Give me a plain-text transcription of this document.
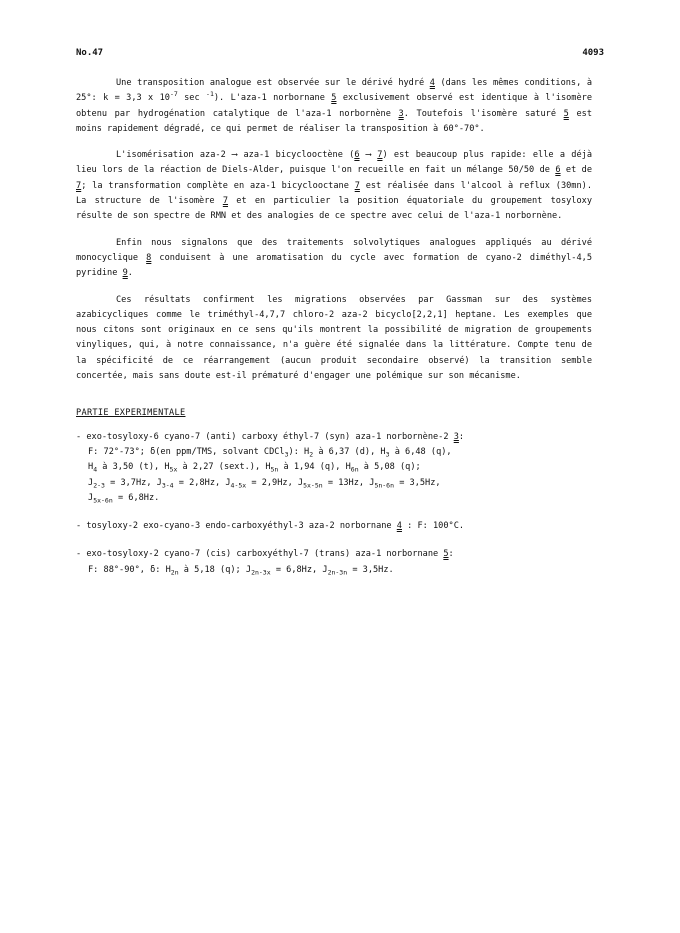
No.47	4093

Une transposition analogue est observée sur le dérivé hydré 4 (dans les mêmes conditions, à 25°: k = 3,3 x $10^{-7}$ sec $^{-1}$). L'aza-1 norbornane 5 exclusivement observé est identique à l'isomère obtenu par hydrogénation catalytique de l'aza-1 norbornène 3. Toutefois l'isomère saturé 5 est moins rapidement dégradé, ce qui permet de réaliser la transposition à 60°-70°.

L'isomérisation aza-2 ⟶ aza-1 bicyclooctène (6 ⟶ 7) est beaucoup plus rapide: elle a déjà lieu lors de la réaction de Diels-Alder, puisque l'on recueille en fait un mélange 50/50 de 6 et de 7; la transformation complète en aza-1 bicyclooctane 7 est réalisée dans l'alcool à reflux (30mn). La structure de l'isomère 7 et en particulier la position équatoriale du groupement tosyloxy résulte de son spectre de RMN et des analogies de ce spectre avec celui de l'aza-1 norbornène.

Enfin nous signalons que des traitements solvolytiques analogues appliqués au dérivé monocyclique 8 conduisent à une aromatisation du cycle avec formation de cyano-2 diméthyl-4,5 pyridine 9.

Ces résultats confirment les migrations observées par Gassman sur des systèmes azabicycliques comme le triméthyl-4,7,7 chloro-2 aza-2 bicyclo[2,2,1] heptane. Les exemples que nous citons sont originaux en ce sens qu'ils montrent la possibilité de migration de groupements vinyliques, qui, à notre connaissance, n'a guère été signalée dans la littérature. Compte tenu de la spécificité de ce réarrangement (aucun produit secondaire observé) la transition semble concertée, mais sans doute est-il prématuré d'engager une polémique sur son mécanisme.

PARTIE EXPERIMENTALE
- exo-tosyloxy-6 cyano-7 (anti) carboxy éthyl-7 (syn) aza-1 norbornène-2 3:
F: 72°-73°; δ(en ppm/TMS, solvant CDCl$_3$): $H_2$ à 6,37 (d), $H_3$ à 6,48 (q),
$H_4$ à 3,50 (t), $H_{5x}$ à 2,27 (sext.), $H_{5n}$ à 1,94 (q), $H_{6n}$ à 5,08 (q);
$J_{2-3} = 3,7Hz$, $J_{3-4} = 2,8Hz$, $J_{4-5x} = 2,9Hz$, $J_{5x-5n} = 13Hz$, $J_{5n-6n} = 3,5Hz$,
$J_{5x-6n} = 6,8Hz$.
- tosyloxy-2 exo-cyano-3 endo-carboxyéthyl-3 aza-2 norbornane 4 : F: 100°C.
- exo-tosyloxy-2 cyano-7 (cis) carboxyéthyl-7 (trans) aza-1 norbornane 5:
F: 88°-90°, δ: $H_{2n}$ à 5,18 (q); $J_{2n-3x} = 6,8Hz$, $J_{2n-3n} = 3,5Hz$.
